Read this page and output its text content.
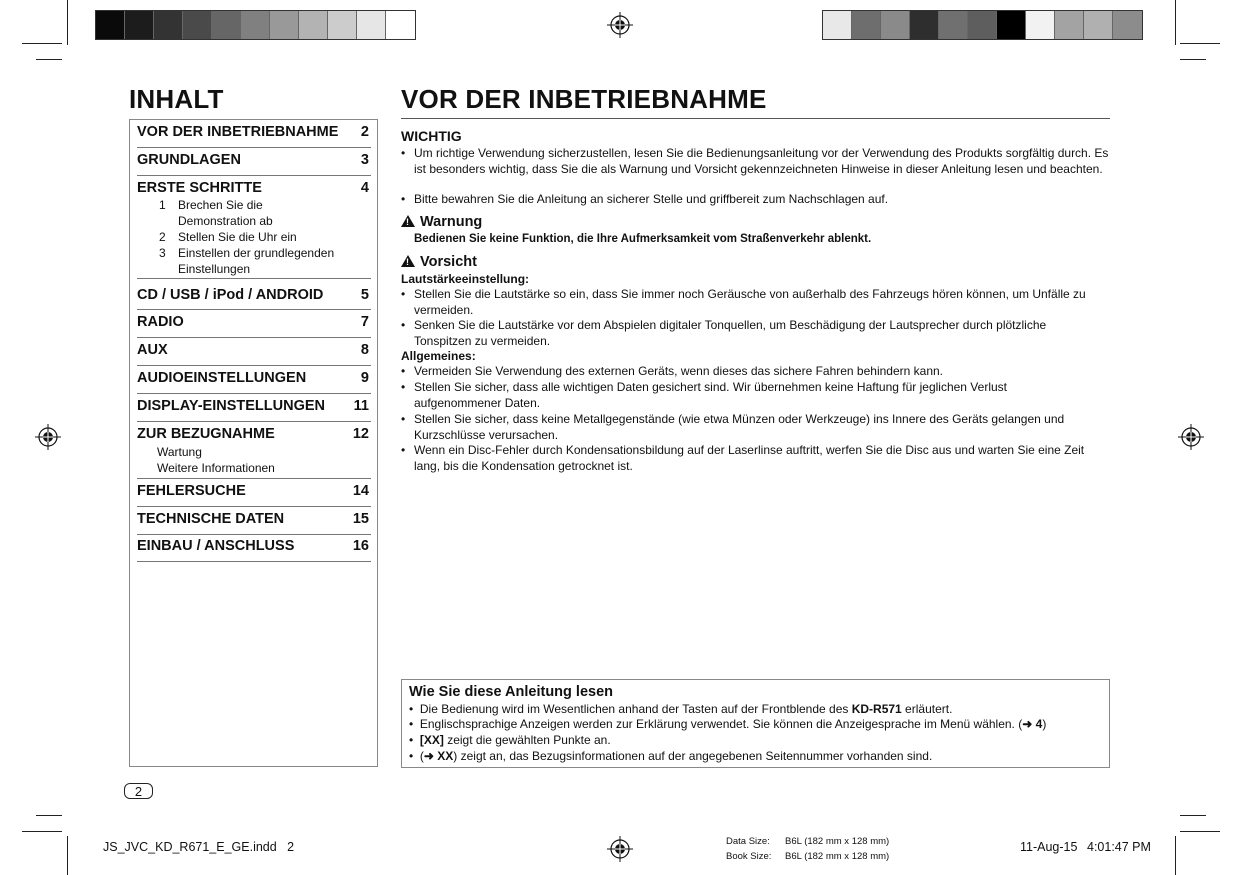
INHALT	VOR DER INBETRIEBNAHME
VOR DER INBETRIEBNAHME 2
GRUNDLAGEN	3
ERSTE SCHRITTE	4
1 Brechen Sie die Demonstration ab
2 Stellen Sie die Uhr ein
3 Einstellen der grundlegenden Einstellungen
CD / USB / iPod / ANDROID	5
RADIO	7
AUX	8
AUDIOEINSTELLUNGEN	9
DISPLAY-EINSTELLUNGEN 11
ZUR BEZUGNAHME	12
Wartung
Weitere Informationen
FEHLERSUCHE	14
TECHNISCHE DATEN	15
EINBAU / ANSCHLUSS	16
WICHTIG
• Um richtige Verwendung sicherzustellen, lesen Sie die Bedienungsanleitung vor der Verwendung des Produkts sorgfältig durch. Es ist besonders wichtig, dass Sie die als Warnung und Vorsicht gekennzeichneten Hinweise in dieser Anleitung lesen und beachten.
• Bitte bewahren Sie die Anleitung an sicherer Stelle und griffbereit zum Nachschlagen auf.
!Warnung
Bedienen Sie keine Funktion, die Ihre Aufmerksamkeit vom Straßenverkehr ablenkt.
!Vorsicht
Lautstärkeeinstellung:
• Stellen Sie die Lautstärke so ein, dass Sie immer noch Geräusche von außerhalb des Fahrzeugs hören können, um Unfälle zu vermeiden.
• Senken Sie die Lautstärke vor dem Abspielen digitaler Tonquellen, um Beschädigung der Lautsprecher durch plötzliche Tonspitzen zu vermeiden.
Allgemeines:
• Vermeiden Sie Verwendung des externen Geräts, wenn dieses das sichere Fahren behindern kann.
• Stellen Sie sicher, dass alle wichtigen Daten gesichert sind. Wir übernehmen keine Haftung für jeglichen Verlust aufgenommener Daten.
• Stellen Sie sicher, dass keine Metallgegenstände (wie etwa Münzen oder Werkzeuge) ins Innere des Geräts gelangen und Kurzschlüsse verursachen.
• Wenn ein Disc-Fehler durch Kondensationsbildung auf der Laserlinse auftritt, werfen Sie die Disc aus und warten Sie eine Zeit lang, bis die Kondensation getrocknet ist.
Wie Sie diese Anleitung lesen
• Die Bedienung wird im Wesentlichen anhand der Tasten auf der Frontblende des KD-R571 erläutert.
• Englischsprachige Anzeigen werden zur Erklärung verwendet. Sie können die Anzeigesprache im Menü wählen. (➜ 4)
• [XX] zeigt die gewählten Punkte an.
• (➜ XX) zeigt an, das Bezugsinformationen auf der angegebenen Seitennummer vorhanden sind.
2
JS_JVC_KD_R671_E_GE.indd   2	Data Size: B6L (182 mm x 128 mm)
Book Size: B6L (182 mm x 128 mm)
11-Aug-15 4:01:47 PM
